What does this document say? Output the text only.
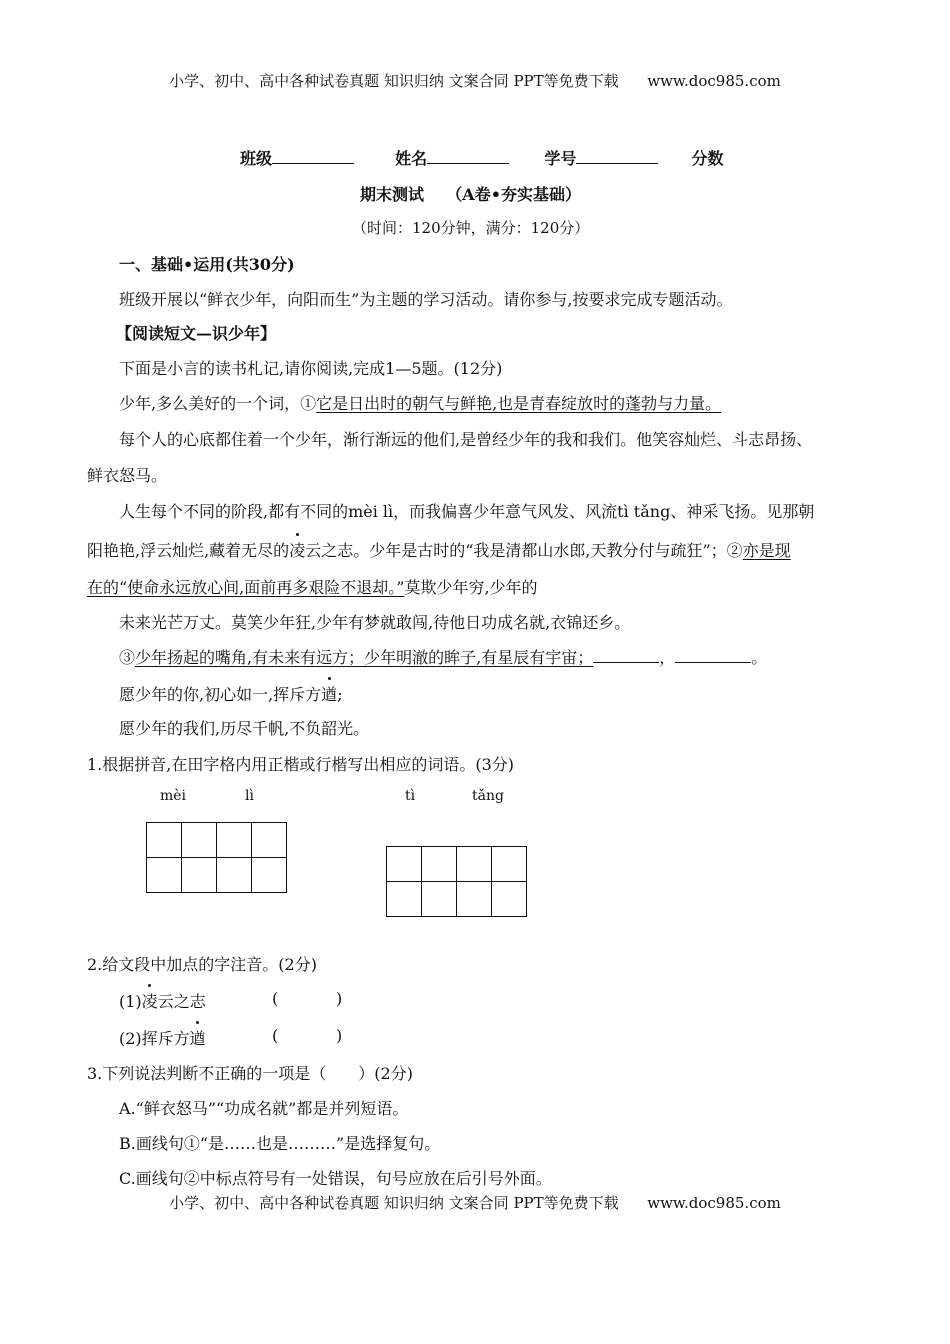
小学、初中、高中各种试卷真题 知识归纳 文案合同 PPT等免费下载 www.doc985.com
班级	姓名	学号	分数
期末测试 （A卷•夯实基础）
（时间：120分钟，满分：120分）
一、基础•运用(共30分)
班级开展以“鲜衣少年，向阳而生”为主题的学习活动。请你参与,按要求完成专题活动。
【阅读短文—识少年】
下面是小言的读书札记,请你阅读,完成1—5题。(12分)
少年,多么美好的一个词，①它是日出时的朝气与鲜艳,也是青春绽放时的蓬勃与力量。
每个人的心底都住着一个少年，渐行渐远的他们,是曾经少年的我和我们。他笑容灿烂、斗志昂扬、
鲜衣怒马。
人生每个不同的阶段,都有不同的mèi lì，而我偏喜少年意气风发、风流tì tǎng、神采飞扬。见那朝
阳艳艳,浮云灿烂,藏着无尽的凌云之志。少年是古时的“我是清都山水郎,天教分付与疏狂”；②亦是现
在的“使命永远放心间,面前再多艰险不退却。”莫欺少年穷,少年的
未来光芒万丈。莫笑少年狂,少年有梦就敢闯,待他日功成名就,衣锦还乡。
③少年扬起的嘴角,有未来有远方；少年明澈的眸子,有星辰有宇宙；	，	。
愿少年的你,初心如一,挥斥方遒;
愿少年的我们,历尽千帆,不负韶光。
1.根据拼音,在田字格内用正楷或行楷写出相应的词语。(3分)
mèi	lì	tì	tǎng

2.给文段中加点的字注音。(2分)
(1)凌云之志	(	)
(2)挥斥方遒	(	)
3.下列说法判断不正确的一项是（　　）(2分)
A.“鲜衣怒马”“功成名就”都是并列短语。
B.画线句①“是……也是………”是选择复句。
C.画线句②中标点符号有一处错误，句号应放在后引号外面。
小学、初中、高中各种试卷真题 知识归纳 文案合同 PPT等免费下载 www.doc985.com
